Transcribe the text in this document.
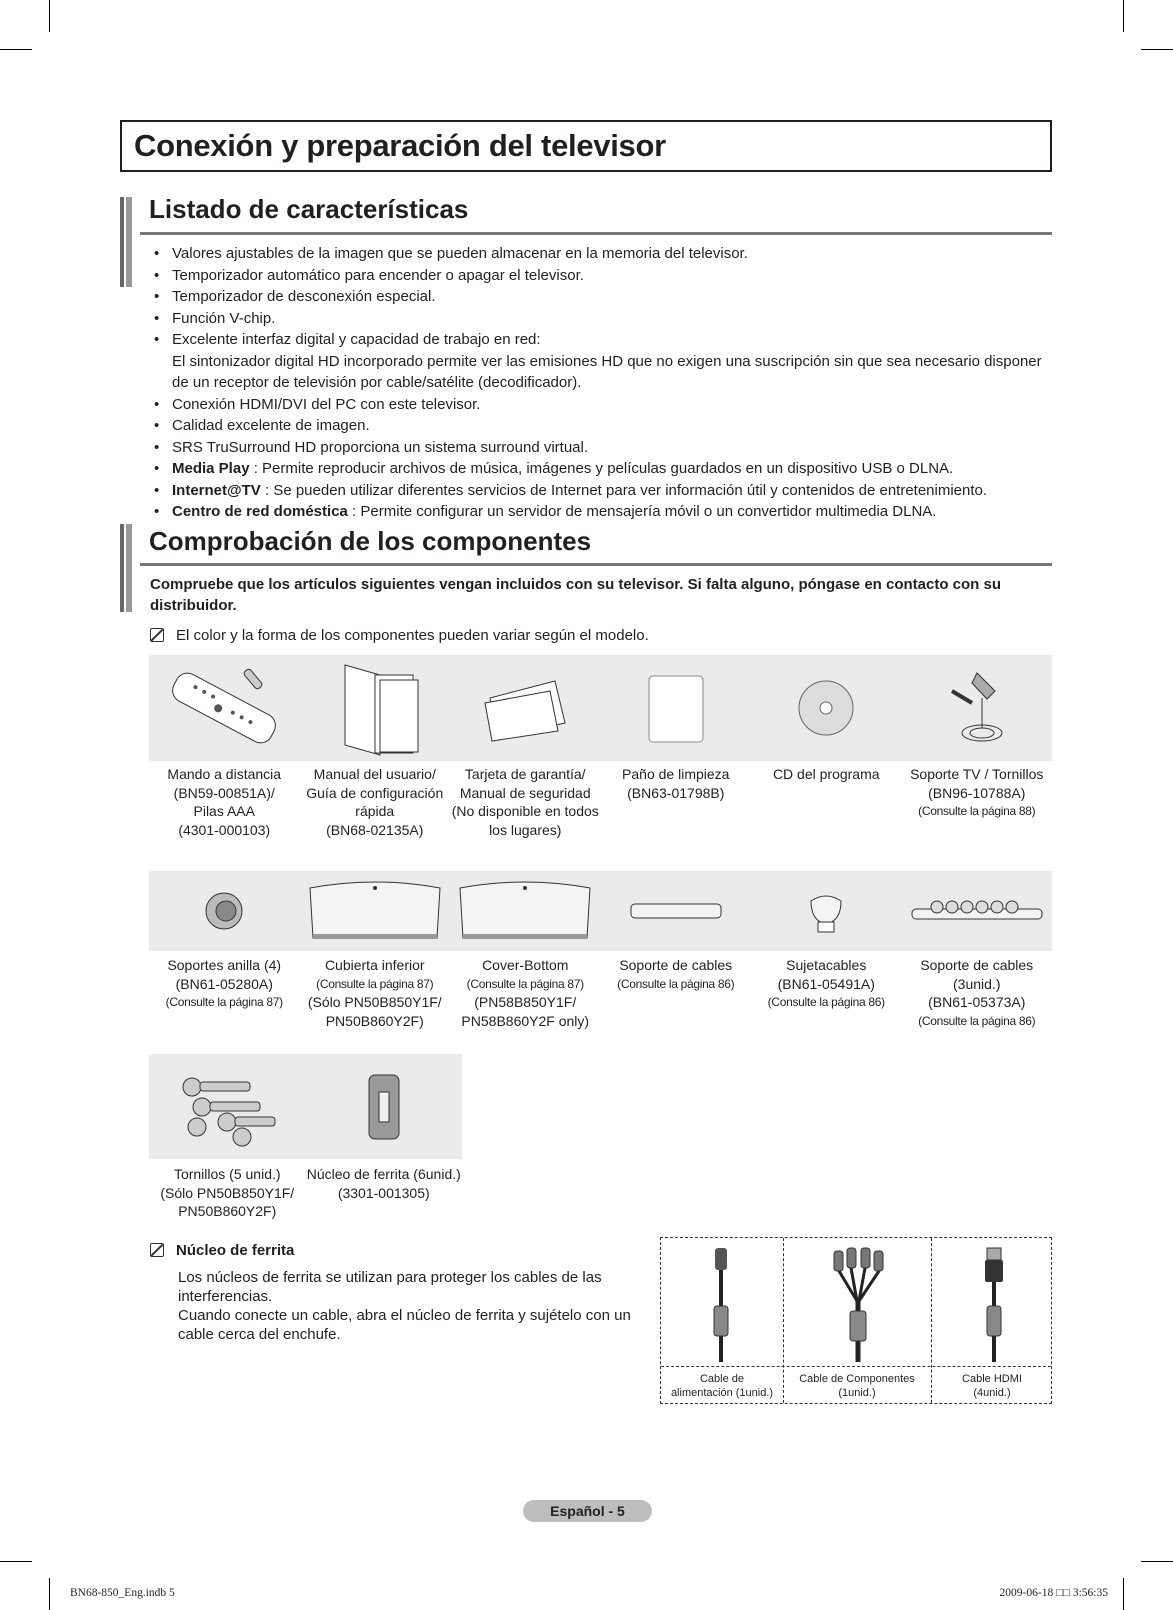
Conexión y preparación del televisor
Listado de características
• Valores ajustables de la imagen que se pueden almacenar en la memoria del televisor.
• Temporizador automático para encender o apagar el televisor.
• Temporizador de desconexión especial.
• Función V-chip.
• Excelente interfaz digital y capacidad de trabajo en red:
El sintonizador digital HD incorporado permite ver las emisiones HD que no exigen una suscripción sin que sea necesario disponer de un receptor de televisión por cable/satélite (decodificador).
• Conexión HDMI/DVI del PC con este televisor.
• Calidad excelente de imagen.
• SRS TruSurround HD proporciona un sistema surround virtual.
• Media Play : Permite reproducir archivos de música, imágenes y películas guardados en un dispositivo USB o DLNA.
• Internet@TV : Se pueden utilizar diferentes servicios de Internet para ver información útil y contenidos de entretenimiento.
• Centro de red doméstica : Permite configurar un servidor de mensajería móvil o un convertidor multimedia DLNA.
Comprobación de los componentes
Compruebe que los artículos siguientes vengan incluidos con su televisor. Si falta alguno, póngase en contacto con su distribuidor.
El color y la forma de los componentes pueden variar según el modelo.
Mando a distancia
(BN59-00851A)/
Pilas AAA
(4301-000103)
Manual del usuario/
Guía de configuración
rápida
(BN68-02135A)
Tarjeta de garantía/
Manual de seguridad
(No disponible en todos
los lugares)
Paño de limpieza
(BN63-01798B)
CD del programa	Soporte TV / Tornillos
(BN96-10788A)
(Consulte la página 88)
Soportes anilla (4)
(BN61-05280A)
(Consulte la página 87)
Cubierta inferior
(Consulte la página 87)
(Sólo PN50B850Y1F/
PN50B860Y2F)
Cover-Bottom
(Consulte la página 87)
(PN58B850Y1F/
PN58B860Y2F only)
Soporte de cables
(Consulte la página 86)
Sujetacables
(BN61-05491A)
(Consulte la página 86)
Soporte de cables (3unid.)
(BN61-05373A)
(Consulte la página 86)
Tornillos (5 unid.)
(Sólo PN50B850Y1F/
PN50B860Y2F)
Núcleo de ferrita (6unid.)
(3301-001305)
Núcleo de ferrita
Los núcleos de ferrita se utilizan para proteger los cables de las interferencias.
Cuando conecte un cable, abra el núcleo de ferrita y sujételo con un cable cerca del enchufe.
Cable de
alimentación (1unid.)
Cable de Componentes
(1unid.)
Cable HDMI
(4unid.)
Español - 5
BN68-850_Eng.indb 5	2009-06-18 □□ 3:56:35
